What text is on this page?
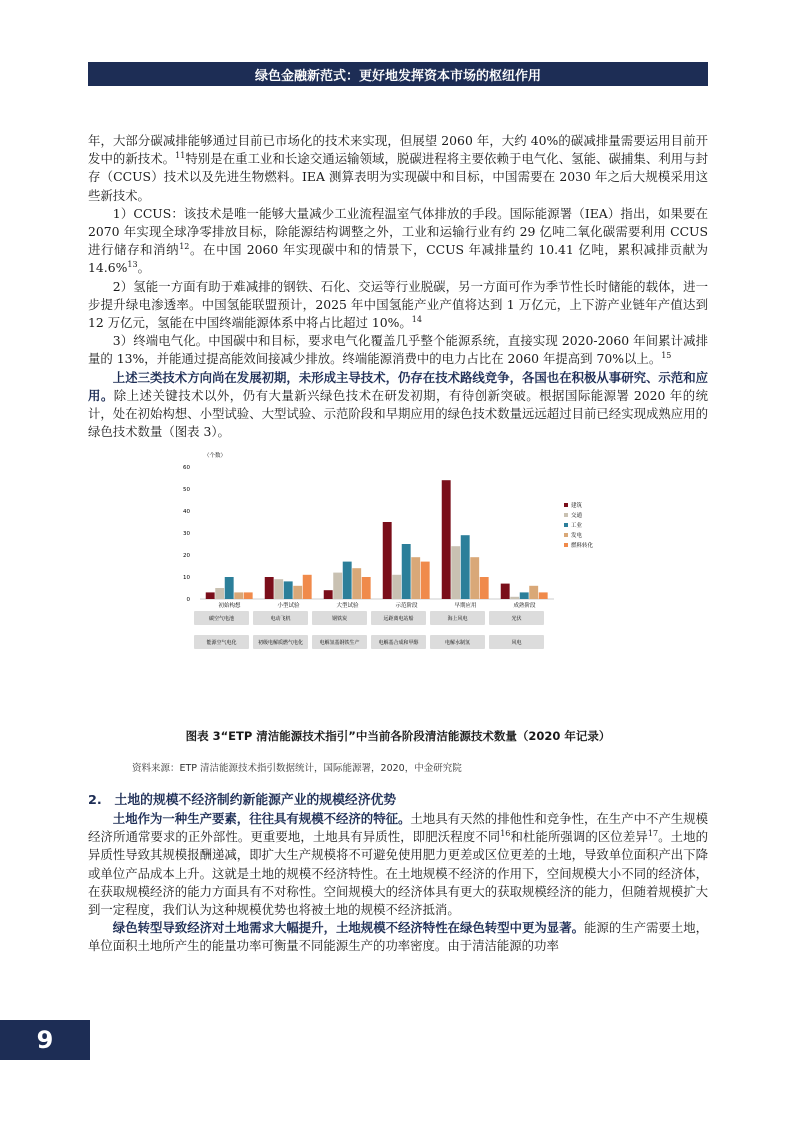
绿色金融新范式：更好地发挥资本市场的枢纽作用

年，大部分碳减排能够通过目前已市场化的技术来实现，但展望 2060 年，大约 40%的碳减排量需要运用目前开发中的新技术。$^{11}$特别是在重工业和长途交通运输领域，脱碳进程将主要依赖于电气化、氢能、碳捕集、利用与封存（CCUS）技术以及先进生物燃料。IEA 测算表明为实现碳中和目标，中国需要在 2030 年之后大规模采用这些新技术。

1）CCUS：该技术是唯一能够大量减少工业流程温室气体排放的手段。国际能源署（IEA）指出，如果要在 2070 年实现全球净零排放目标，除能源结构调整之外，工业和运输行业有约 29 亿吨二氧化碳需要利用 CCUS 进行储存和消纳$^{12}$。在中国 2060 年实现碳中和的情景下，CCUS 年减排量约 10.41 亿吨，累积减排贡献为 14.6%$^{13}$。

2）氢能一方面有助于难减排的钢铁、石化、交运等行业脱碳，另一方面可作为季节性长时储能的载体，进一步提升绿电渗透率。中国氢能联盟预计，2025 年中国氢能产业产值将达到 1 万亿元，上下游产业链年产值达到 12 万亿元，氢能在中国终端能源体系中将占比超过 10%。$^{14}$

3）终端电气化。中国碳中和目标，要求电气化覆盖几乎整个能源系统，直接实现 2020-2060 年间累计减排量的 13%，并能通过提高能效间接减少排放。终端能源消费中的电力占比在 2060 年提高到 70%以上。$^{15}$

上述三类技术方向尚在发展初期，未形成主导技术，仍存在技术路线竞争，各国也在积极从事研究、示范和应用。除上述关键技术以外，仍有大量新兴绿色技术在研发初期，有待创新突破。根据国际能源署 2020 年的统计，处在初始构想、小型试验、大型试验、示范阶段和早期应用的绿色技术数量远远超过目前已经实现成熟应用的绿色技术数量（图表 3）。

（个数）
0
10
20
30
40
50
60
初始构想
碳空气电池
能源空气电化
小型试验
电动飞机
初级电解质燃气电化
大型试验
钢铁炭
电解氢基钢铁生产
示范阶段
远距离电站船
电解基合成和甲醇
早期应用
海上风电
电解水制氢
成熟阶段
光伏
风电
建筑
交通
工业
发电
燃料转化
图表 3“ETP 清洁能源技术指引”中当前各阶段清洁能源技术数量（2020 年记录）
资料来源：ETP 清洁能源技术指引数据统计，国际能源署，2020，中金研究院
2.　土地的规模不经济制约新能源产业的规模经济优势

土地作为一种生产要素，往往具有规模不经济的特征。土地具有天然的排他性和竞争性，在生产中不产生规模经济所通常要求的正外部性。更重要地，土地具有异质性，即肥沃程度不同$^{16}$和杜能所强调的区位差异$^{17}$。土地的异质性导致其规模报酬递减，即扩大生产规模将不可避免使用肥力更差或区位更差的土地，导致单位面积产出下降或单位产品成本上升。这就是土地的规模不经济特性。在土地规模不经济的作用下，空间规模大小不同的经济体，在获取规模经济的能力方面具有不对称性。空间规模大的经济体具有更大的获取规模经济的能力，但随着规模扩大到一定程度，我们认为这种规模优势也将被土地的规模不经济抵消。

绿色转型导致经济对土地需求大幅提升，土地规模不经济特性在绿色转型中更为显著。能源的生产需要土地，单位面积土地所产生的能量功率可衡量不同能源生产的功率密度。由于清洁能源的功率

9
